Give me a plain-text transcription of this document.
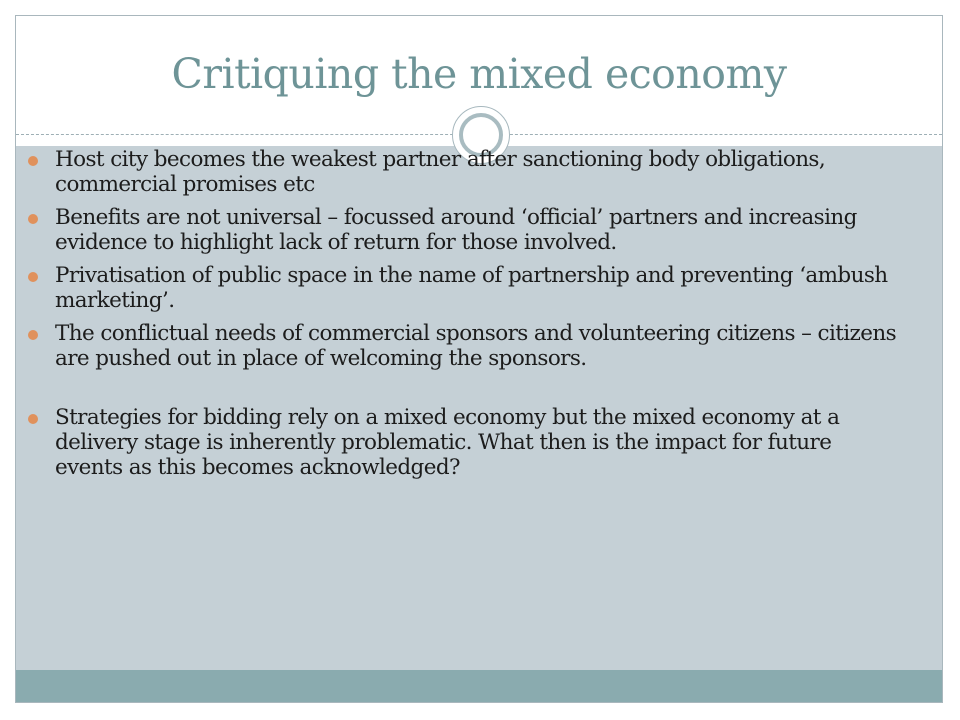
Critiquing the mixed economy
Host city becomes the weakest partner after sanctioning body obligations, commercial promises etc
Benefits are not universal – focussed around ‘official’ partners and increasing evidence to highlight lack of return for those involved.
Privatisation of public space in the name of partnership and preventing ‘ambush marketing’.
The conflictual needs of commercial sponsors and volunteering citizens – citizens are pushed out in place of welcoming the sponsors.
Strategies for bidding rely on a mixed economy but the mixed economy at a delivery stage is inherently problematic. What then is the impact for future events as this becomes acknowledged?
